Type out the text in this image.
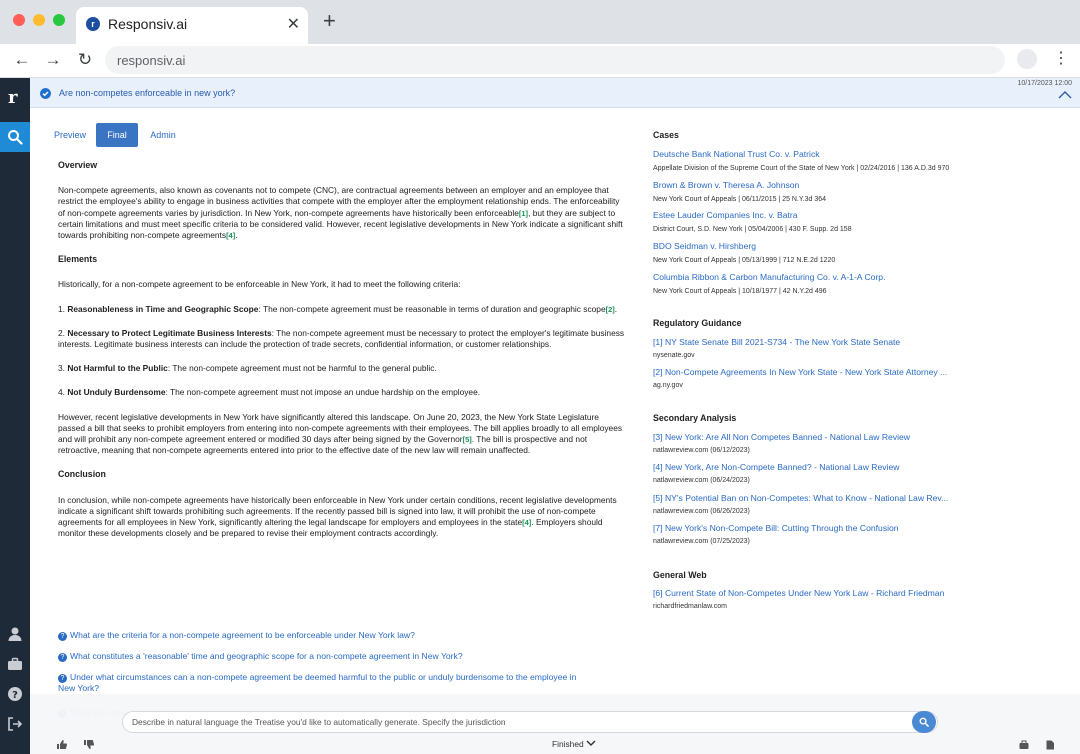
r Responsiv.ai	✕ +
← → ↻ responsiv.ai	⋮
r
?
Are non-competes enforceable in new york?
10/17/2023 12:00
Preview	Final	Admin
Overview
Non-compete agreements, also known as covenants not to compete (CNC), are contractual agreements between an employer and an employee that restrict the employee's ability to engage in business activities that compete with the employer after the employment relationship ends. The enforceability of non-compete agreements varies by jurisdiction. In New York, non-compete agreements have historically been enforceable[1], but they are subject to certain limitations and must meet specific criteria to be considered valid. However, recent legislative developments in New York indicate a significant shift towards prohibiting non-compete agreements[4].
Elements
Historically, for a non-compete agreement to be enforceable in New York, it had to meet the following criteria:
1. Reasonableness in Time and Geographic Scope: The non-compete agreement must be reasonable in terms of duration and geographic scope[2].
2. Necessary to Protect Legitimate Business Interests: The non-compete agreement must be necessary to protect the employer's legitimate business interests. Legitimate business interests can include the protection of trade secrets, confidential information, or customer relationships.
3. Not Harmful to the Public: The non-compete agreement must not be harmful to the general public.
4. Not Unduly Burdensome: The non-compete agreement must not impose an undue hardship on the employee.
However, recent legislative developments in New York have significantly altered this landscape. On June 20, 2023, the New York State Legislature passed a bill that seeks to prohibit employers from entering into non-compete agreements with their employees. The bill applies broadly to all employees and will prohibit any non-compete agreement entered or modified 30 days after being signed by the Governor[5]. The bill is prospective and not retroactive, meaning that non-compete agreements entered into prior to the effective date of the new law will remain unaffected.
Conclusion
In conclusion, while non-compete agreements have historically been enforceable in New York under certain conditions, recent legislative developments indicate a significant shift towards prohibiting such agreements. If the recently passed bill is signed into law, it will prohibit the use of non-compete agreements for all employees in New York, significantly altering the legal landscape for employers and employees in the state[4]. Employers should monitor these developments closely and be prepared to revise their employment contracts accordingly.
? What are the criteria for a non-compete agreement to be enforceable under New York law?
? What constitutes a 'reasonable' time and geographic scope for a non-compete agreement in New York?
? Under what circumstances can a non-compete agreement be deemed harmful to the public or unduly burdensome to the employee in New York?
Describe in natural language the Treatise you'd like to automatically generate. Specify the jurisdiction
Finished
Cases
Deutsche Bank National Trust Co. v. Patrick
Appellate Division of the Supreme Court of the State of New York | 02/24/2016 | 136 A.D.3d 970
Brown & Brown v. Theresa A. Johnson
New York Court of Appeals | 06/11/2015 | 25 N.Y.3d 364
Estee Lauder Companies Inc. v. Batra
District Court, S.D. New York | 05/04/2006 | 430 F. Supp. 2d 158
BDO Seidman v. Hirshberg
New York Court of Appeals | 05/13/1999 | 712 N.E.2d 1220
Columbia Ribbon & Carbon Manufacturing Co. v. A-1-A Corp.
New York Court of Appeals | 10/18/1977 | 42 N.Y.2d 496
Regulatory Guidance
[1] NY State Senate Bill 2021-S734 - The New York State Senate
nysenate.gov
[2] Non-Compete Agreements In New York State - New York State Attorney ...
ag.ny.gov
Secondary Analysis
[3] New York: Are All Non Competes Banned - National Law Review
natlawreview.com (06/12/2023)
[4] New York, Are Non-Compete Banned? - National Law Review
natlawreview.com (06/24/2023)
[5] NY's Potential Ban on Non-Competes: What to Know - National Law Rev...
natlawreview.com (06/26/2023)
[7] New York's Non-Compete Bill: Cutting Through the Confusion
natlawreview.com (07/25/2023)
General Web
[6] Current State of Non-Competes Under New York Law - Richard Friedman
richardfriedmanlaw.com
